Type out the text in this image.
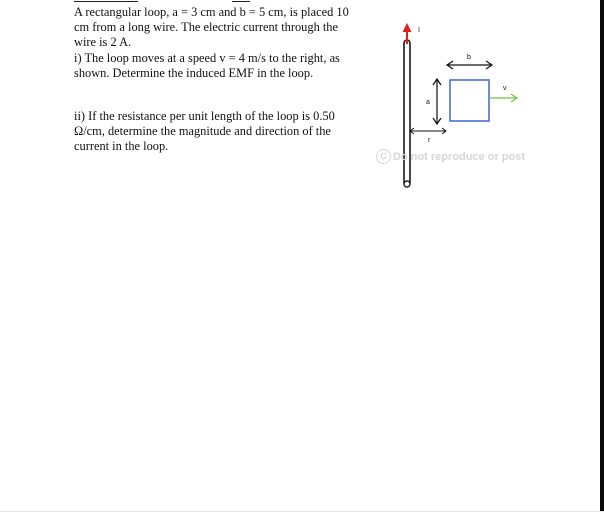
A rectangular loop, a = 3 cm and b = 5 cm, is placed 10 cm from a long wire. The electric current through the wire is 2 A.

i) The loop moves at a speed v = 4 m/s to the right, as shown. Determine the induced EMF in the loop.

ii) If the resistance per unit length of the loop is 0.50 Ω/cm, determine the magnitude and direction of the current in the loop.

I
b
a
r
v
C Do not reproduce or post
